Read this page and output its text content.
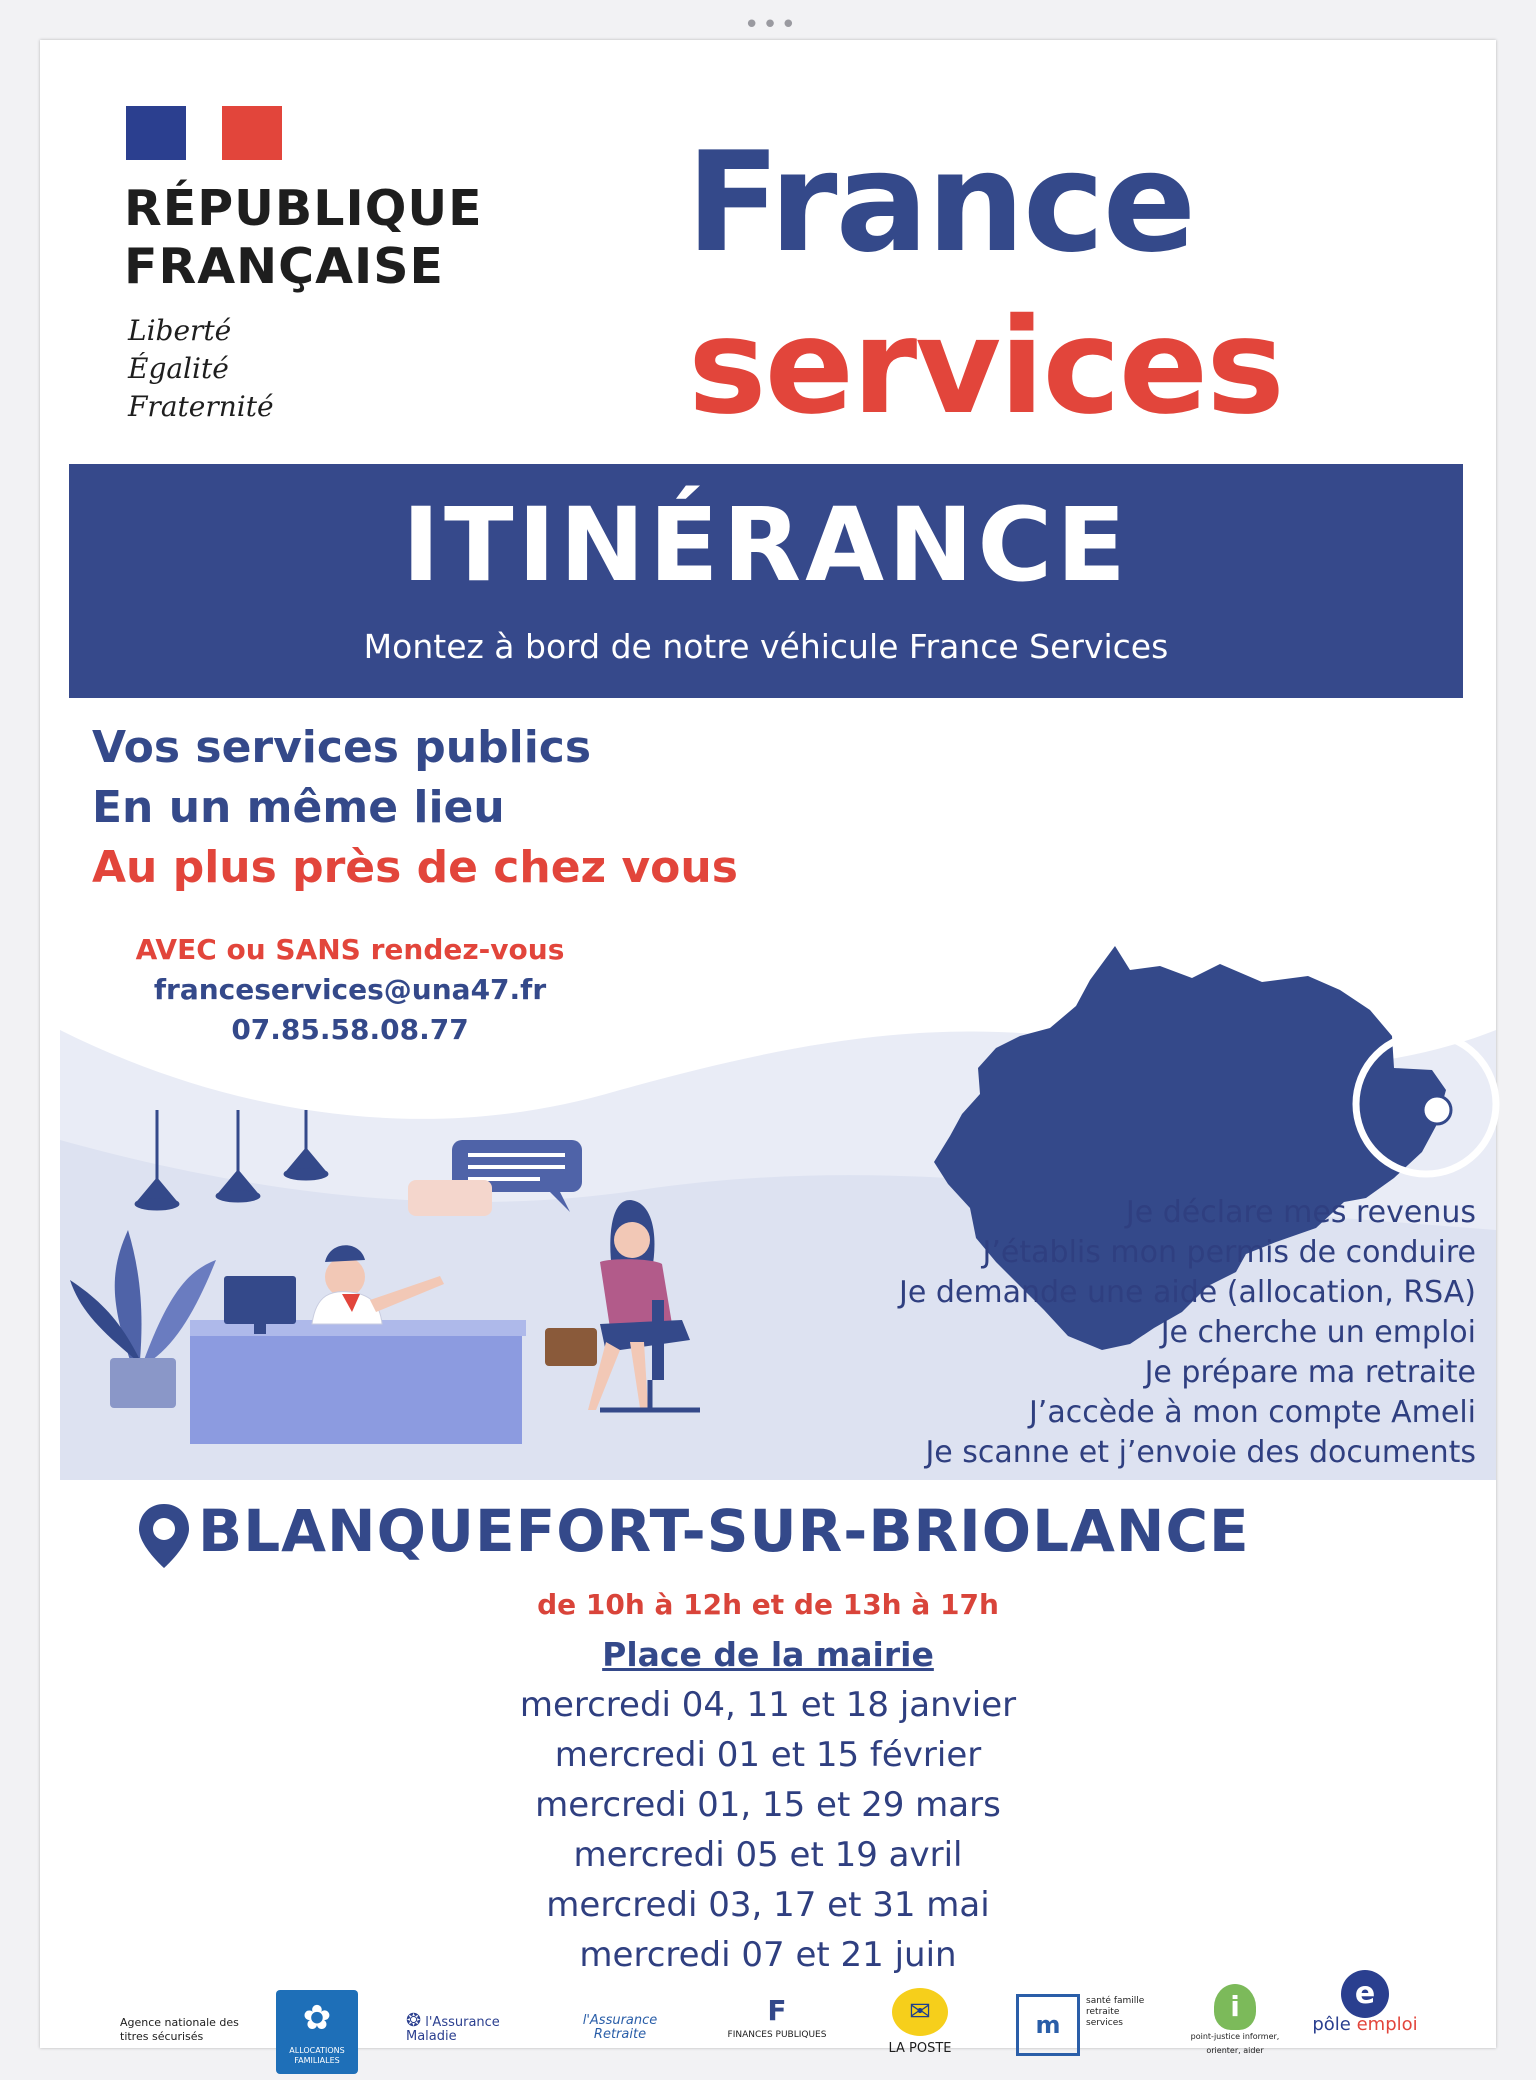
•••
RÉPUBLIQUE
FRANÇAISE
Liberté
Égalité
Fraternité
France
services
ITINÉRANCE
Montez à bord de notre véhicule France Services
Secteur
fumélois
Vos services publics
En un même lieu
Au plus près de chez vous
AVEC ou SANS rendez-vous
franceservices@una47.fr
07.85.58.08.77
Je déclare mes revenus
J’établis mon permis de conduire
Je demande une aide (allocation, RSA)
Je cherche un emploi
Je prépare ma retraite
J’accède à mon compte Ameli
Je scanne et j’envoie des documents
BLANQUEFORT-SUR-BRIOLANCE
de 10h à 12h et de 13h à 17h
Place de la mairie
mercredi 04, 11 et 18 janvier
mercredi 01 et 15 février
mercredi 01, 15 et 29 mars
mercredi 05 et 19 avril
mercredi 03, 17 et 31 mai
mercredi 07 et 21 juin
Agence nationale des titres sécurisés	✿
ALLOCATIONS FAMILIALES
❂ l'Assurance Maladie
l'Assurance Retraite
F
FINANCES PUBLIQUES
✉
LA POSTE
m
santé famille retraite services	i
point-justice informer, orienter, aider
e
pôle emploi
